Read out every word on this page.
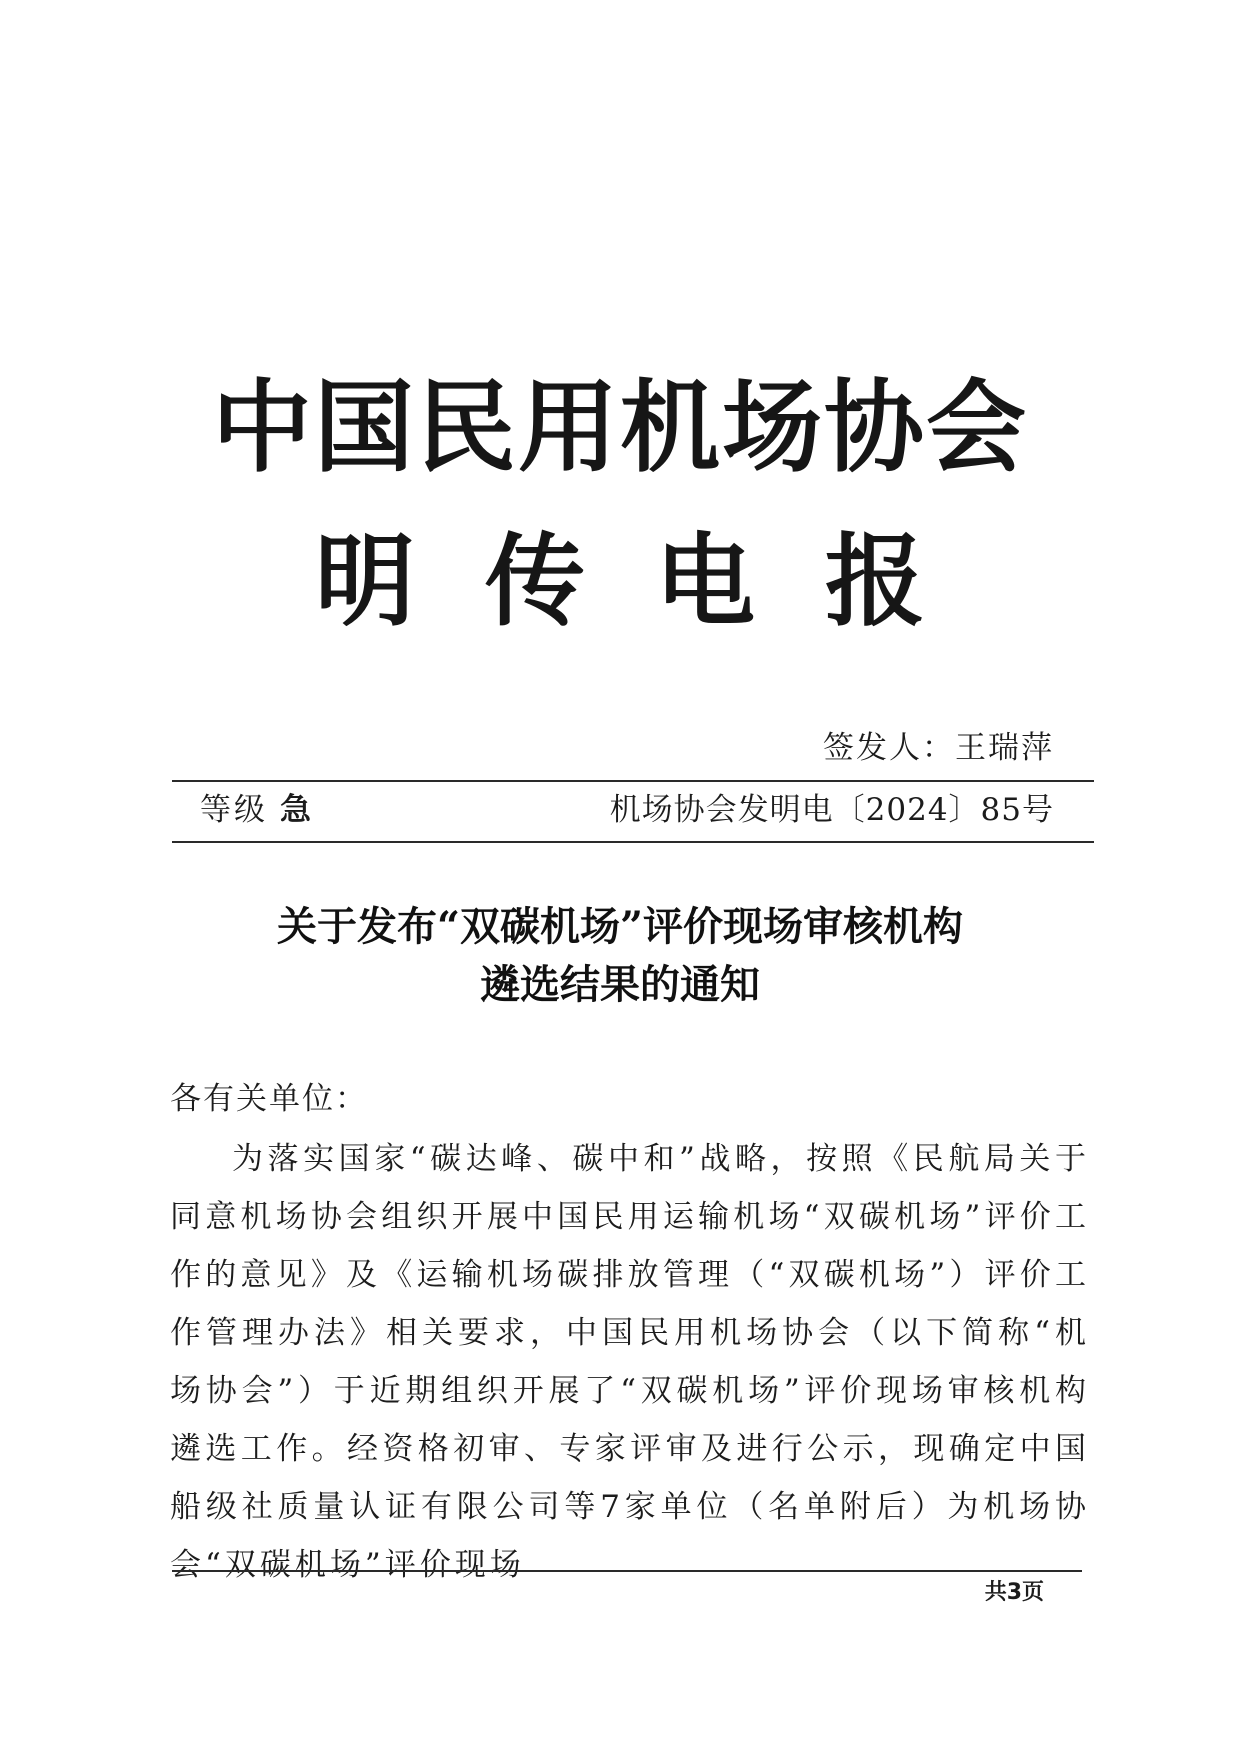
中国民用机场协会
明传电报
签发人：王瑞萍
等级 急	机场协会发明电〔2024〕85号
关于发布“双碳机场”评价现场审核机构
遴选结果的通知
各有关单位：

为落实国家“碳达峰、碳中和”战略，按照《民航局关于同意机场协会组织开展中国民用运输机场“双碳机场”评价工作的意见》及《运输机场碳排放管理（“双碳机场”）评价工作管理办法》相关要求，中国民用机场协会（以下简称“机场协会”）于近期组织开展了“双碳机场”评价现场审核机构遴选工作。经资格初审、专家评审及进行公示，现确定中国船级社质量认证有限公司等7家单位（名单附后）为机场协会“双碳机场”评价现场

共3页
